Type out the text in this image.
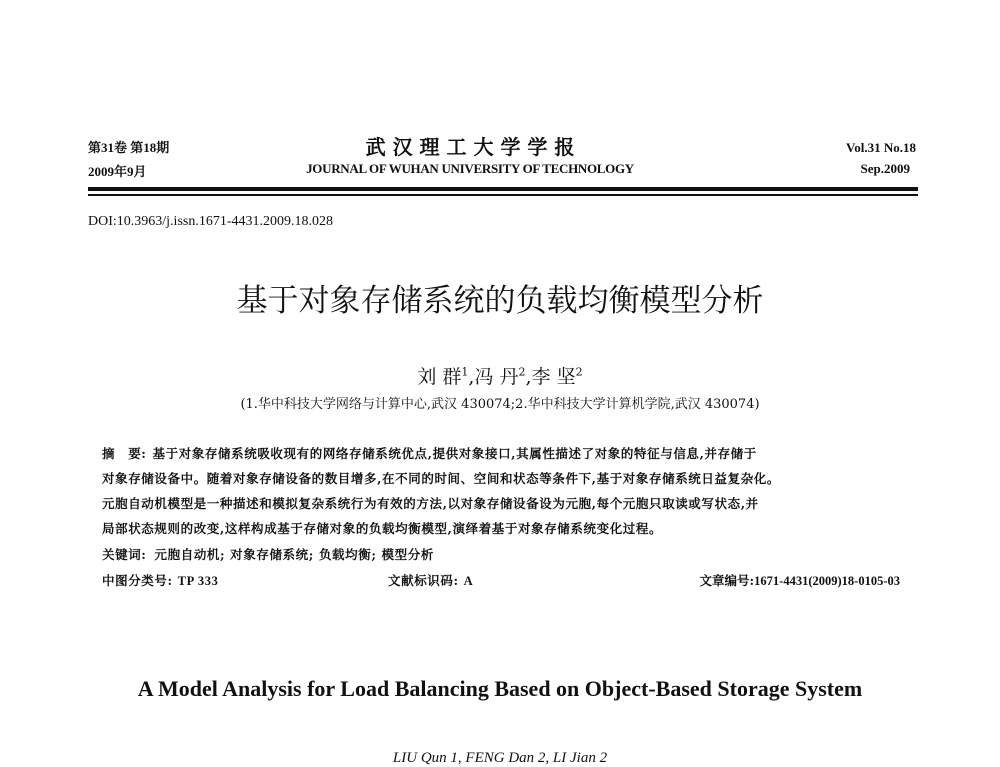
第31卷 第18期
2009年9月
武 汉 理 工 大 学 学 报
JOURNAL OF WUHAN UNIVERSITY OF TECHNOLOGY
Vol.31 No.18
Sep.2009
DOI:10.3963/j.issn.1671-4431.2009.18.028
基于对象存储系统的负载均衡模型分析
刘 群$^1$,冯 丹$^2$,李 坚$^2$
(1.华中科技大学网络与计算中心,武汉 430074;2.华中科技大学计算机学院,武汉 430074)
摘　要: 基于对象存储系统吸收现有的网络存储系统优点,提供对象接口,其属性描述了对象的特征与信息,并存储于
对象存储设备中。随着对象存储设备的数目增多,在不同的时间、空间和状态等条件下,基于对象存储系统日益复杂化。
元胞自动机模型是一种描述和模拟复杂系统行为有效的方法,以对象存储设备设为元胞,每个元胞只取读或写状态,并
局部状态规则的改变,这样构成基于存储对象的负载均衡模型,演绎着基于对象存储系统变化过程。
关键词: 元胞自动机; 对象存储系统; 负载均衡; 模型分析
中图分类号: TP 333	文献标识码: A	文章编号:1671-4431(2009)18-0105-03
A Model Analysis for Load Balancing Based on Object-Based Storage System
LIU Qun 1, FENG Dan 2, LI Jian 2
